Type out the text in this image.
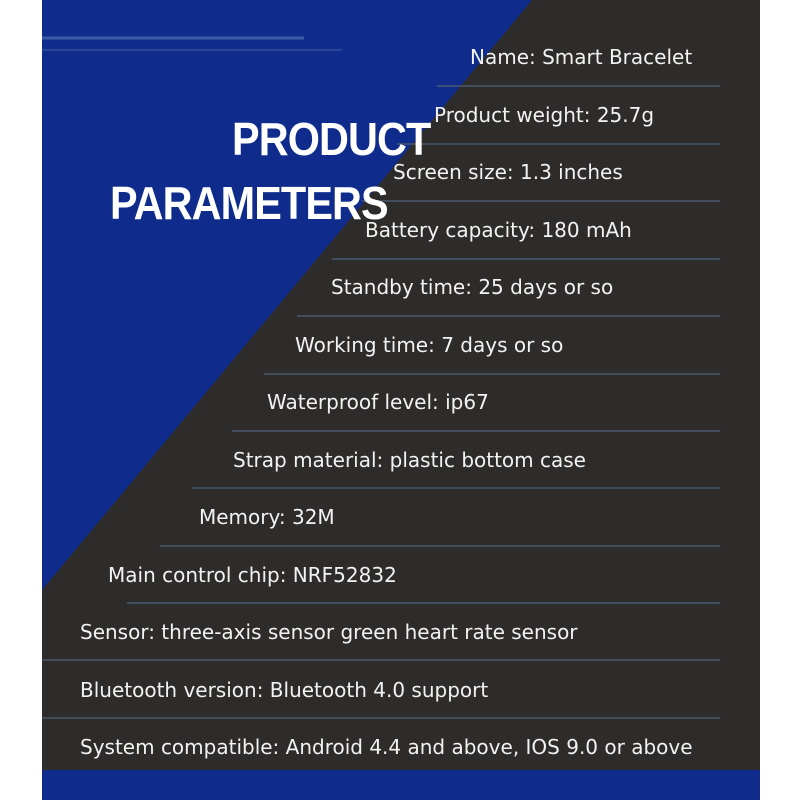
PRODUCT
PARAMETERS
Name: Smart Bracelet
Product weight: 25.7g
Screen size: 1.3 inches
Battery capacity: 180 mAh
Standby time: 25 days or so
Working time: 7 days or so
Waterproof level: ip67
Strap material: plastic bottom case
Memory: 32M
Main control chip: NRF52832
Sensor: three-axis sensor green heart rate sensor
Bluetooth version: Bluetooth 4.0 support
System compatible: Android 4.4 and above, IOS 9.0 or above
